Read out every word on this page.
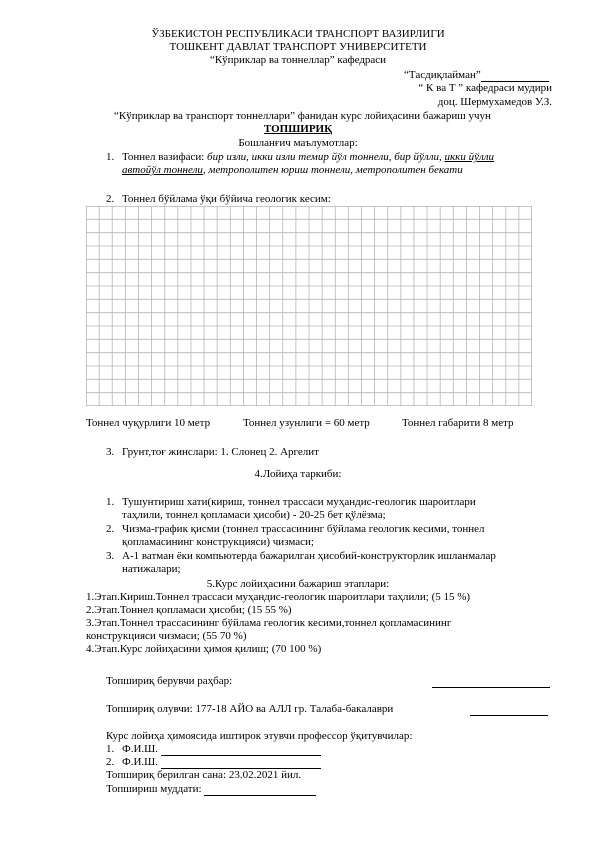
ЎЗБЕКИСТОН РЕСПУБЛИКАСИ ТРАНСПОРТ ВАЗИРЛИГИ
ТОШКЕНТ ДАВЛАТ ТРАНСПОРТ УНИВЕРСИТЕТИ
“Кўприклар ва тоннеллар” кафедраси
“Тасдиқлайман”
“ К ва Т ” кафедраси мудири
доц. Шермухамедов У.З.
“Кўприклар ва транспорт тоннеллари” фанидан курс лойиҳасини бажариш учун
ТОПШИРИҚ
Бошланғич маълумотлар:
1. Тоннел вазифаси: бир изли, икки изли темир йўл тоннели, бир йўлли, икки йўлли
автойўл тоннели, метрополитен юриш тоннели, метрополитен бекати
2. Тоннел бўйлама ўқи бўйича геологик кесим:
Тоннел чуқурлиги 10 метр	Тоннел узунлиги = 60 метр	Тоннел габарити 8 метр
3. Грунт,тоғ жинслари: 1. Слонец 2. Аргелит
4.Лойиҳа таркиби:
1. Тушунтириш хати(кириш, тоннел трассаси муҳандис-геологик шароитлари
таҳлили, тоннел қопламаси ҳисоби) - 20-25 бет қўлёзма;
2. Чизма-график қисми (тоннел трассасининг бўйлама геологик кесими, тоннел
қопламасининг конструкцияси) чизмаси;
3. А-1 ватман ёки компьютерда бажарилган ҳисобий-конструкторлик ишланмалар
натижалари;
5.Курс лойиҳасини бажариш этаплари:
1.Этап.Кириш.Тоннел трассаси муҳандис-геологик шароитлари таҳлили; (5 15 %)
2.Этап.Тоннел қопламаси ҳисоби; (15 55 %)
3.Этап.Тоннел трассасининг бўйлама геологик кесими,тоннел қопламасининг
конструкцияси чизмаси; (55 70 %)
4.Этап.Курс лойиҳасини ҳимоя қилиш; (70 100 %)
Топшириқ берувчи раҳбар:
Топшириқ олувчи: 177-18 АЙО ва АЛЛ гр. Талаба-бакалаври
Курс лойиҳа ҳимоясида иштирок этувчи профессор ўқитувчилар:
1. Ф.И.Ш.
2. Ф.И.Ш.
Топшириқ берилган сана: 23.02.2021 йил.
Топшириш муддати:
